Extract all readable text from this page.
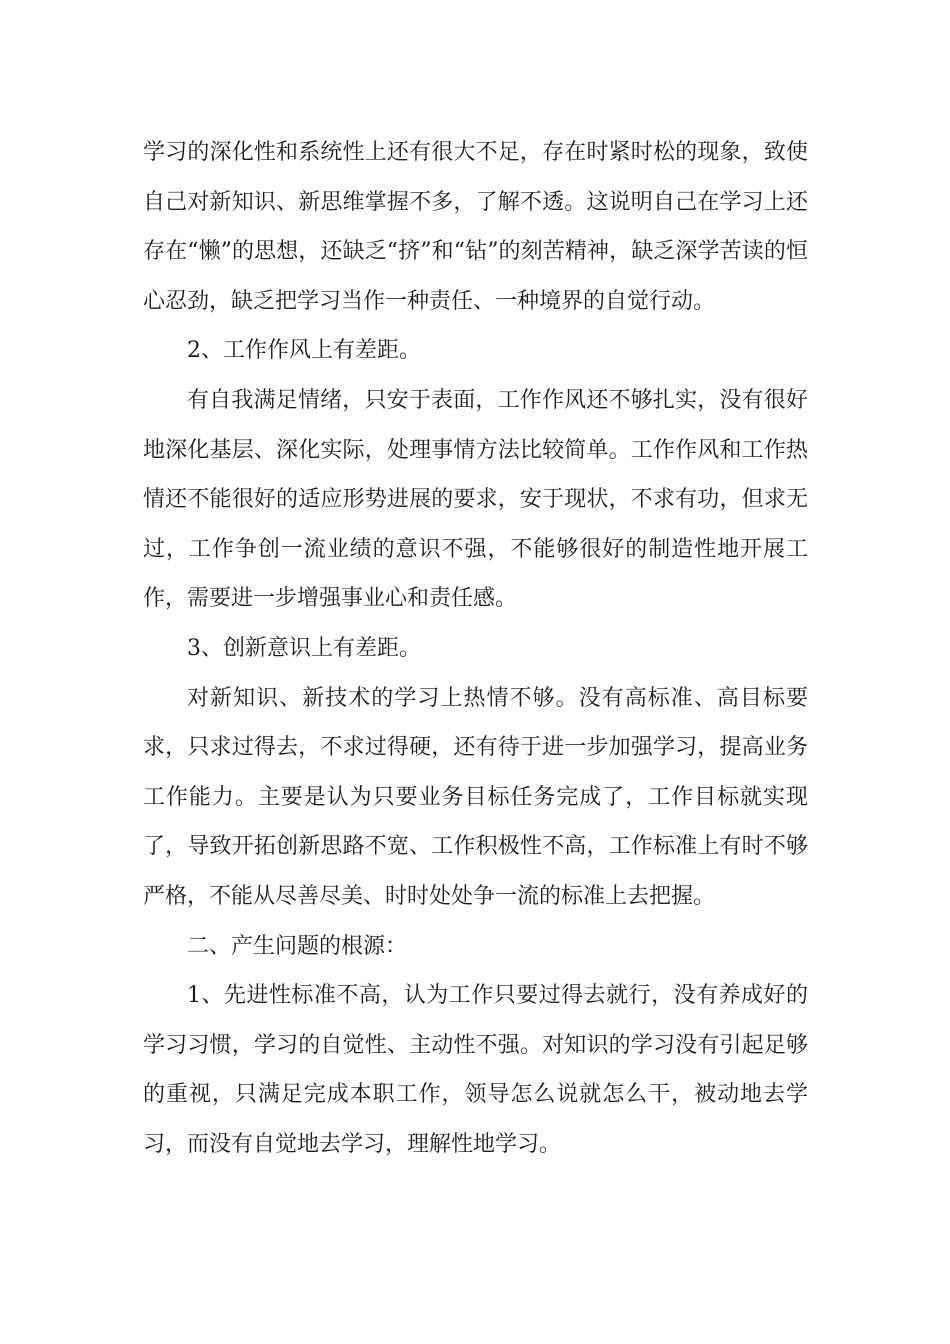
学习的深化性和系统性上还有很大不足，存在时紧时松的现象，致使自己对新知识、新思维掌握不多，了解不透。这说明自己在学习上还存在“懒”的思想，还缺乏“挤”和“钻”的刻苦精神，缺乏深学苦读的恒心忍劲，缺乏把学习当作一种责任、一种境界的自觉行动。

2、工作作风上有差距。

有自我满足情绪，只安于表面，工作作风还不够扎实，没有很好地深化基层、深化实际，处理事情方法比较简单。工作作风和工作热情还不能很好的适应形势进展的要求，安于现状，不求有功，但求无过，工作争创一流业绩的意识不强，不能够很好的制造性地开展工作，需要进一步增强事业心和责任感。

3、创新意识上有差距。

对新知识、新技术的学习上热情不够。没有高标准、高目标要求，只求过得去，不求过得硬，还有待于进一步加强学习，提高业务工作能力。主要是认为只要业务目标任务完成了，工作目标就实现了，导致开拓创新思路不宽、工作积极性不高，工作标准上有时不够严格，不能从尽善尽美、时时处处争一流的标准上去把握。

二、产生问题的根源：

1、先进性标准不高，认为工作只要过得去就行，没有养成好的学习习惯，学习的自觉性、主动性不强。对知识的学习没有引起足够的重视，只满足完成本职工作，领导怎么说就怎么干，被动地去学习，而没有自觉地去学习，理解性地学习。
